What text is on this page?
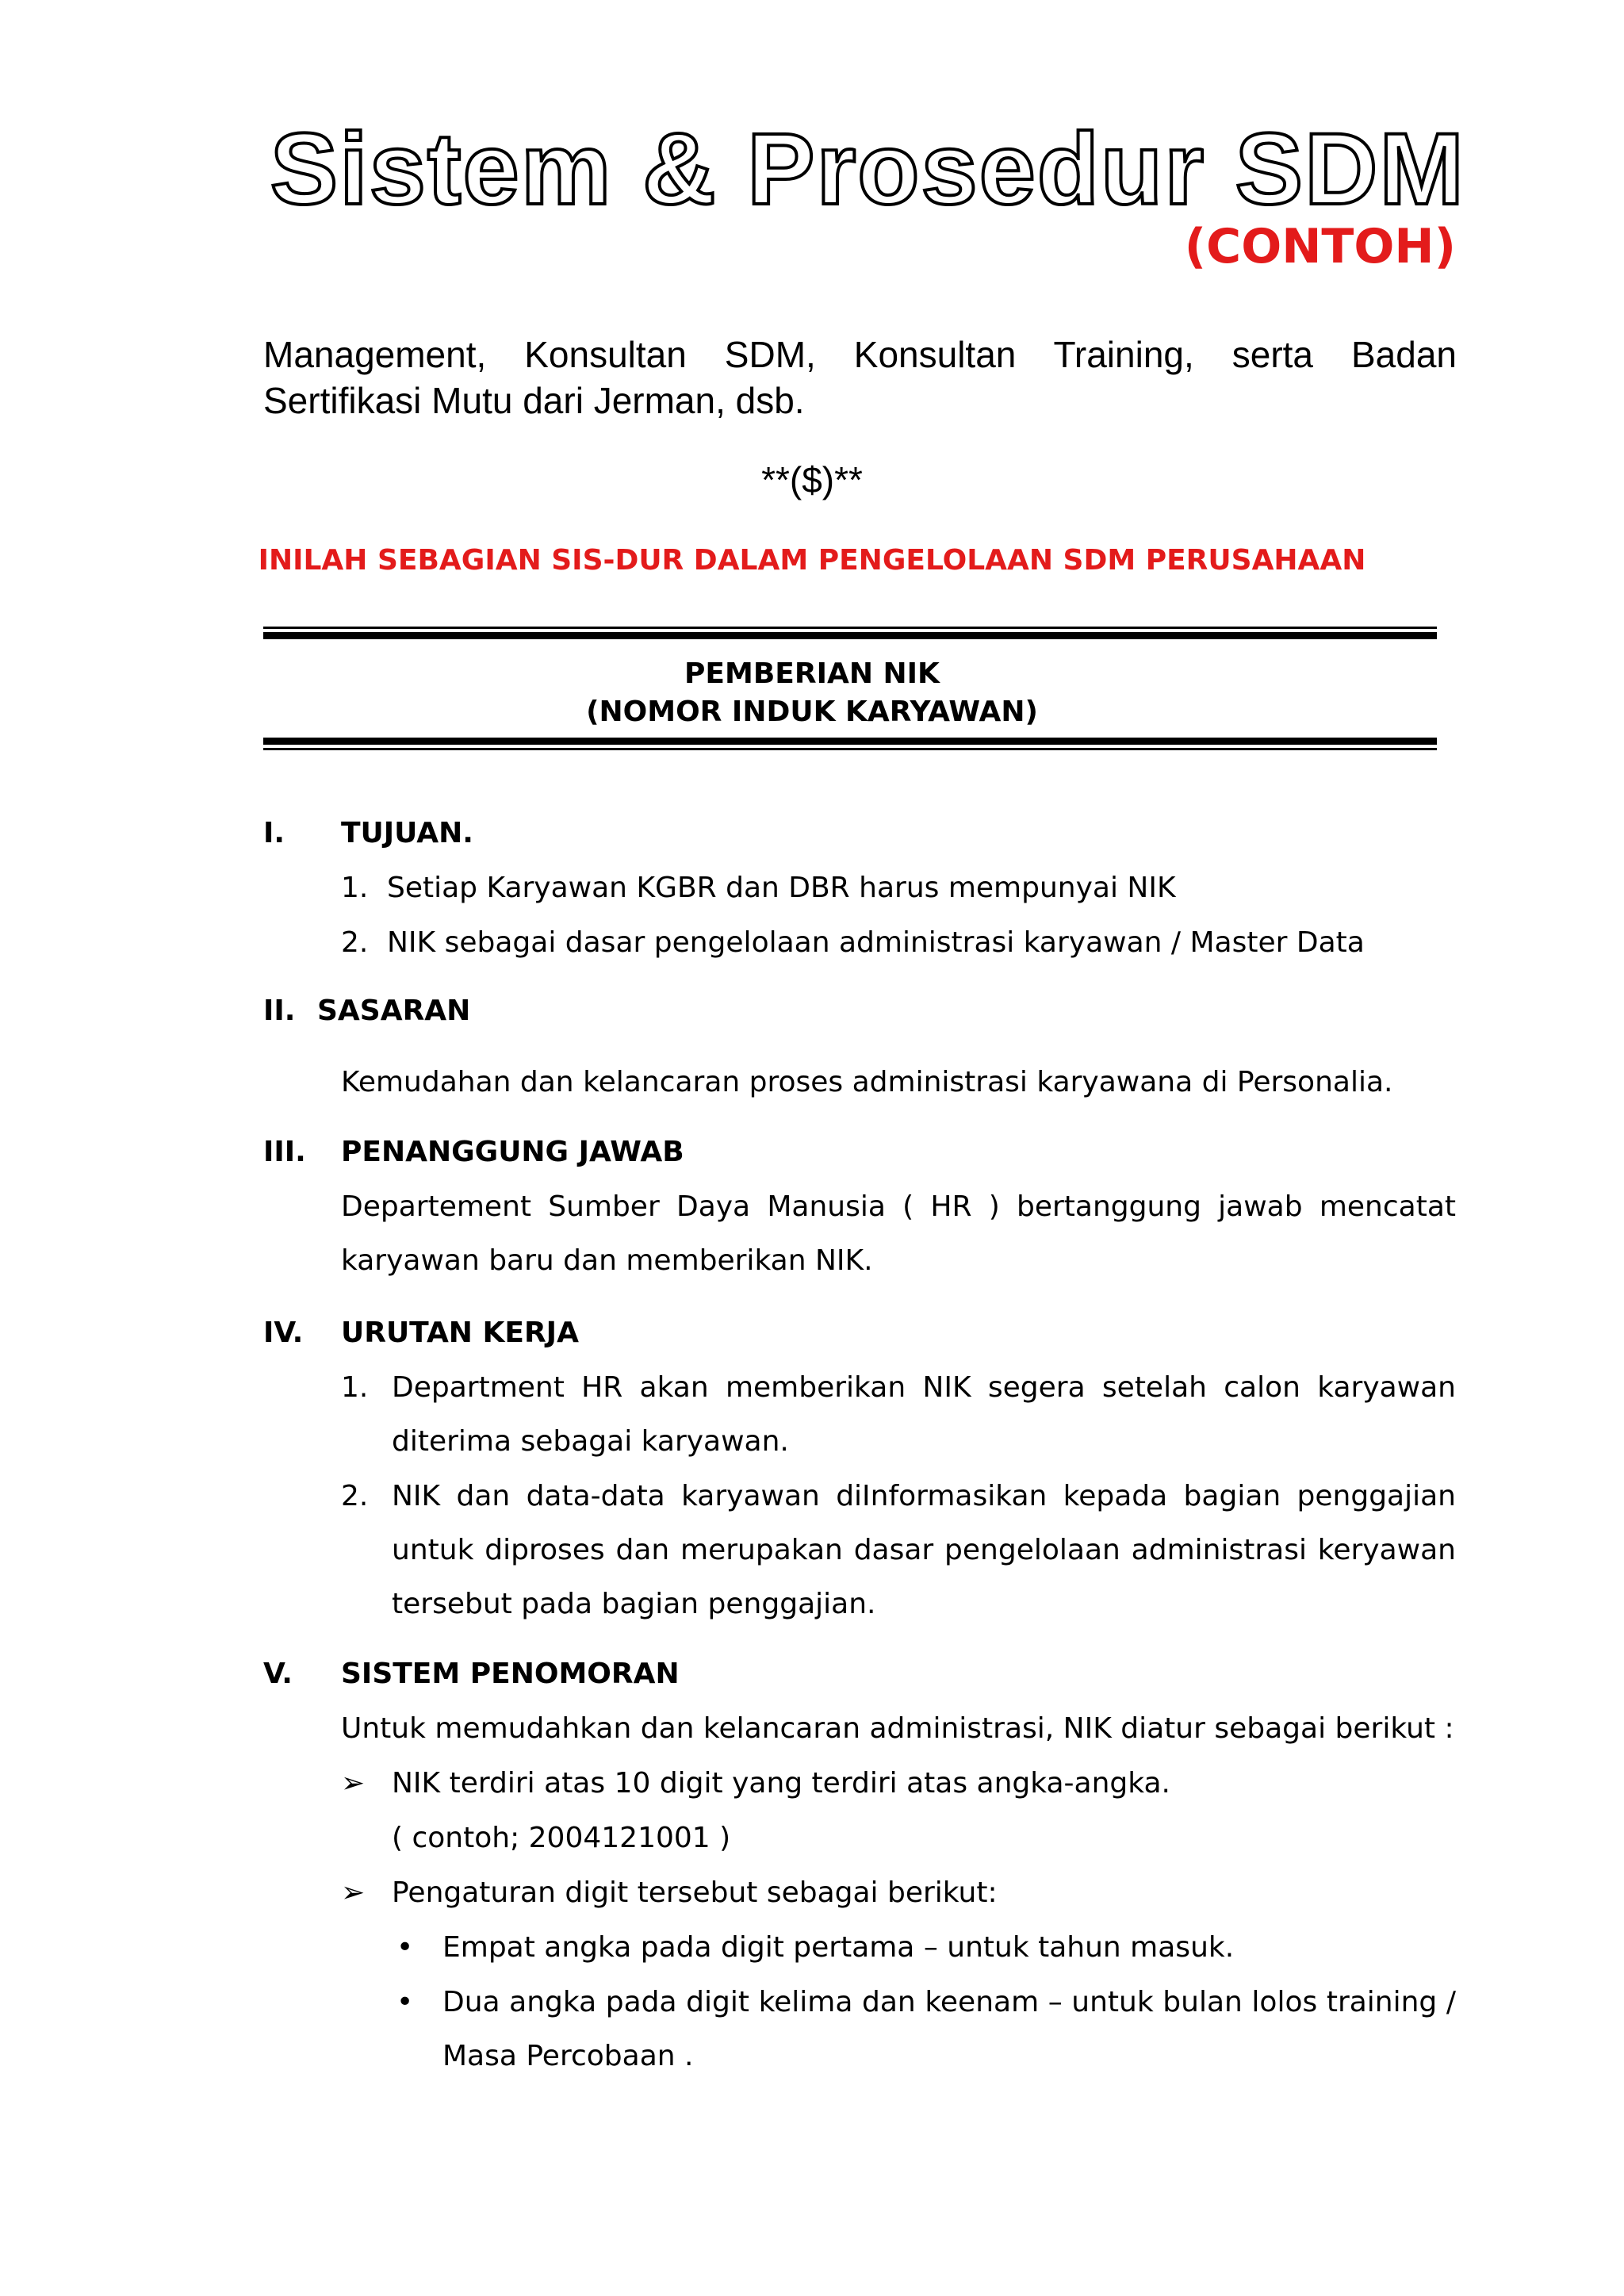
Sistem & Prosedur SDM
(CONTOH)
Management, Konsultan SDM, Konsultan Training, serta Badan Sertifikasi Mutu dari Jerman, dsb.
**($)**
INILAH SEBAGIAN SIS-DUR DALAM PENGELOLAAN SDM PERUSAHAAN
PEMBERIAN NIK
(NOMOR INDUK KARYAWAN)
I. TUJUAN.
1. Setiap Karyawan KGBR dan DBR harus mempunyai NIK
2. NIK sebagai dasar pengelolaan administrasi karyawan / Master Data
II. SASARAN
Kemudahan dan kelancaran proses administrasi karyawana di Personalia.
III. PENANGGUNG JAWAB
Departement Sumber Daya Manusia ( HR ) bertanggung jawab mencatat karyawan baru dan memberikan NIK.
IV. URUTAN KERJA
1. Department HR akan memberikan NIK segera setelah calon karyawan diterima sebagai karyawan.
2. NIK dan data-data karyawan diInformasikan kepada bagian penggajian untuk diproses dan merupakan dasar pengelolaan administrasi keryawan tersebut pada bagian penggajian.
V. SISTEM PENOMORAN
Untuk memudahkan dan kelancaran administrasi, NIK diatur sebagai berikut :
➢ NIK terdiri atas 10 digit yang terdiri atas angka-angka.
( contoh; 2004121001 )
➢ Pengaturan digit tersebut sebagai berikut:
• Empat angka pada digit pertama – untuk tahun masuk.
• Dua angka pada digit kelima dan keenam – untuk bulan lolos training / Masa Percobaan .
